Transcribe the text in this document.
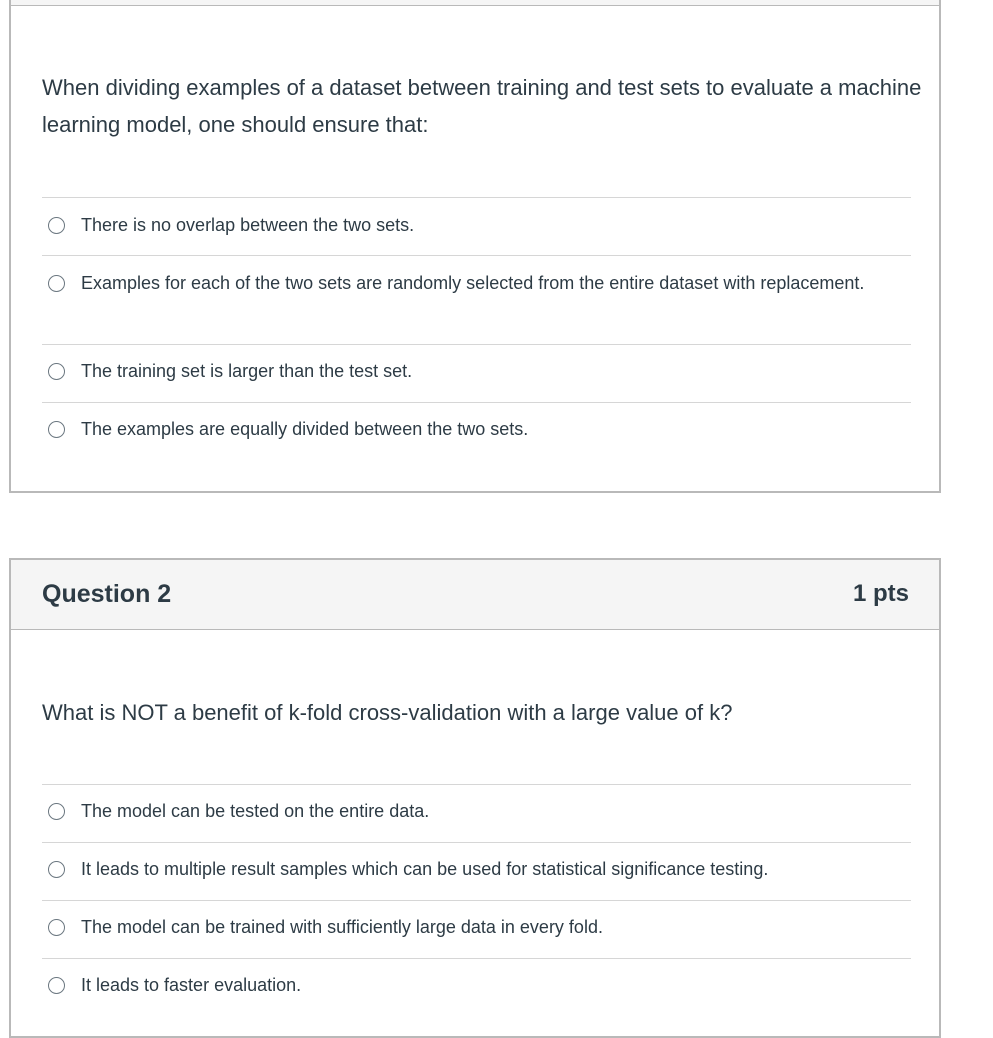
When dividing examples of a dataset between training and test sets to evaluate a machine learning model, one should ensure that:
There is no overlap between the two sets.
Examples for each of the two sets are randomly selected from the entire dataset with replacement.
The training set is larger than the test set.
The examples are equally divided between the two sets.
Question 2	1 pts
What is NOT a benefit of k-fold cross-validation with a large value of k?
The model can be tested on the entire data.
It leads to multiple result samples which can be used for statistical significance testing.
The model can be trained with sufficiently large data in every fold.
It leads to faster evaluation.
